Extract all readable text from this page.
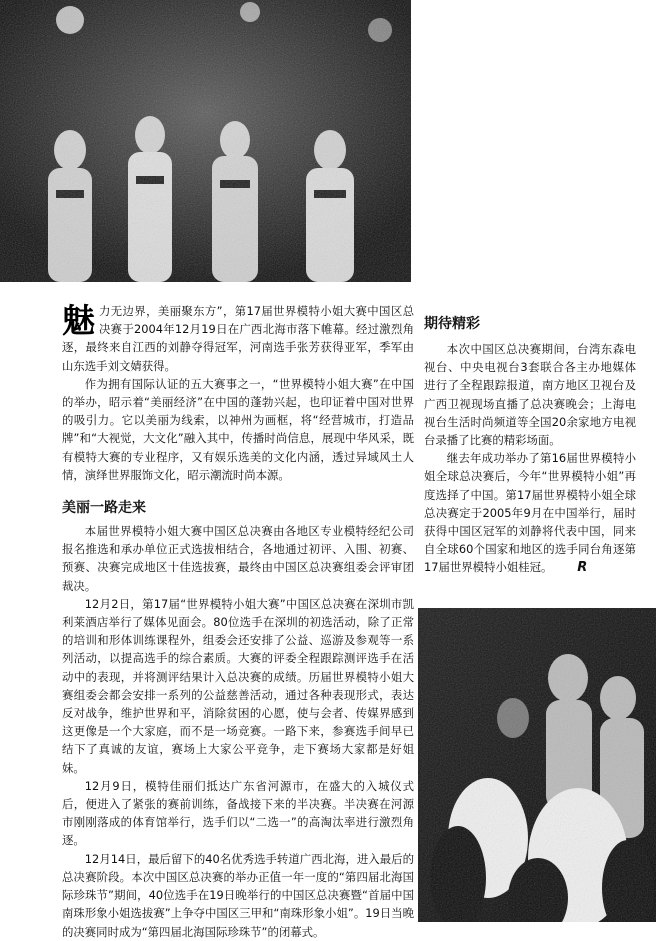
魅力无边界，美丽聚东方”，第17届世界模特小姐大赛中国区总决赛于2004年12月19日在广西北海市落下帷幕。经过激烈角逐，最终来自江西的刘静夺得冠军，河南选手张芳获得亚军，季军由山东选手刘文婧获得。

作为拥有国际认证的五大赛事之一，“世界模特小姐大赛”在中国的举办，昭示着“美丽经济”在中国的蓬勃兴起，也印证着中国对世界的吸引力。它以美丽为线索，以神州为画框，将“经营城市，打造品牌”和“大视觉，大文化”融入其中，传播时尚信息，展现中华风采，既有模特大赛的专业程序，又有娱乐选美的文化内涵，透过异域风土人情，演绎世界服饰文化，昭示潮流时尚本源。

美丽一路走来

本届世界模特小姐大赛中国区总决赛由各地区专业模特经纪公司报名推选和承办单位正式选拔相结合，各地通过初评、入围、初赛、预赛、决赛完成地区十佳选拔赛，最终由中国区总决赛组委会评审团裁决。

12月2日，第17届“世界模特小姐大赛”中国区总决赛在深圳市凯利莱酒店举行了媒体见面会。80位选手在深圳的初选活动，除了正常的培训和形体训练课程外，组委会还安排了公益、巡游及参观等一系列活动，以提高选手的综合素质。大赛的评委全程跟踪测评选手在活动中的表现，并将测评结果计入总决赛的成绩。历届世界模特小姐大赛组委会都会安排一系列的公益慈善活动，通过各种表现形式，表达反对战争，维护世界和平，消除贫困的心愿，使与会者、传媒界感到这更像是一个大家庭，而不是一场竞赛。一路下来，参赛选手间早已结下了真诚的友谊，赛场上大家公平竞争，走下赛场大家都是好姐妹。

12月9日，模特佳丽们抵达广东省河源市，在盛大的入城仪式后，便进入了紧张的赛前训练，备战接下来的半决赛。半决赛在河源市刚刚落成的体育馆举行，选手们以“二选一”的高淘汰率进行激烈角逐。

12月14日，最后留下的40名优秀选手转道广西北海，进入最后的总决赛阶段。本次中国区总决赛的举办正值一年一度的“第四届北海国际珍珠节”期间，40位选手在19日晚举行的中国区总决赛暨“首届中国南珠形象小姐选拔赛”上争夺中国区三甲和“南珠形象小姐”。19日当晚的决赛同时成为“第四届北海国际珍珠节”的闭幕式。

期待精彩

本次中国区总决赛期间，台湾东森电视台、中央电视台3套联合各主办地媒体进行了全程跟踪报道，南方地区卫视台及广西卫视现场直播了总决赛晚会；上海电视台生活时尚频道等全国20余家地方电视台录播了比赛的精彩场面。

继去年成功举办了第16届世界模特小姐全球总决赛后，今年“世界模特小姐”再度选择了中国。第17届世界模特小姐全球总决赛定于2005年9月在中国举行，届时获得中国区冠军的刘静将代表中国，同来自全球60个国家和地区的选手同台角逐第17届世界模特小姐桂冠。 R
